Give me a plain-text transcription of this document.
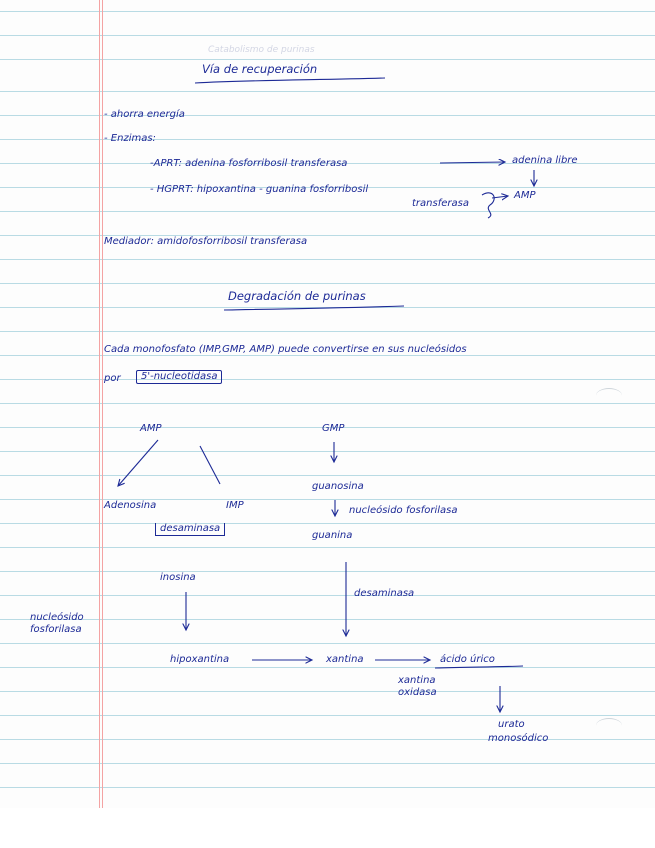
Catabolismo de purinas
Vía de recuperación
- ahorra energía
- Enzimas:
-APRT: adenina fosforribosil transferasa	adenina libre
AMP
- HGPRT: hipoxantina - guanina fosforribosil
transferasa
Mediador: amidofosforribosil transferasa
Degradación de purinas
Cada monofosfato (IMP,GMP, AMP) puede convertirse en sus nucleósidos
por	5'-nucleotidasa
AMP	GMP
Adenosina	IMP
desaminasa
guanosina
nucleósido fosforilasa
guanina
inosina
desaminasa
nucleósido fosforilasa
hipoxantina	xantina	ácido úrico
xantina oxidasa
urato
monosódico
